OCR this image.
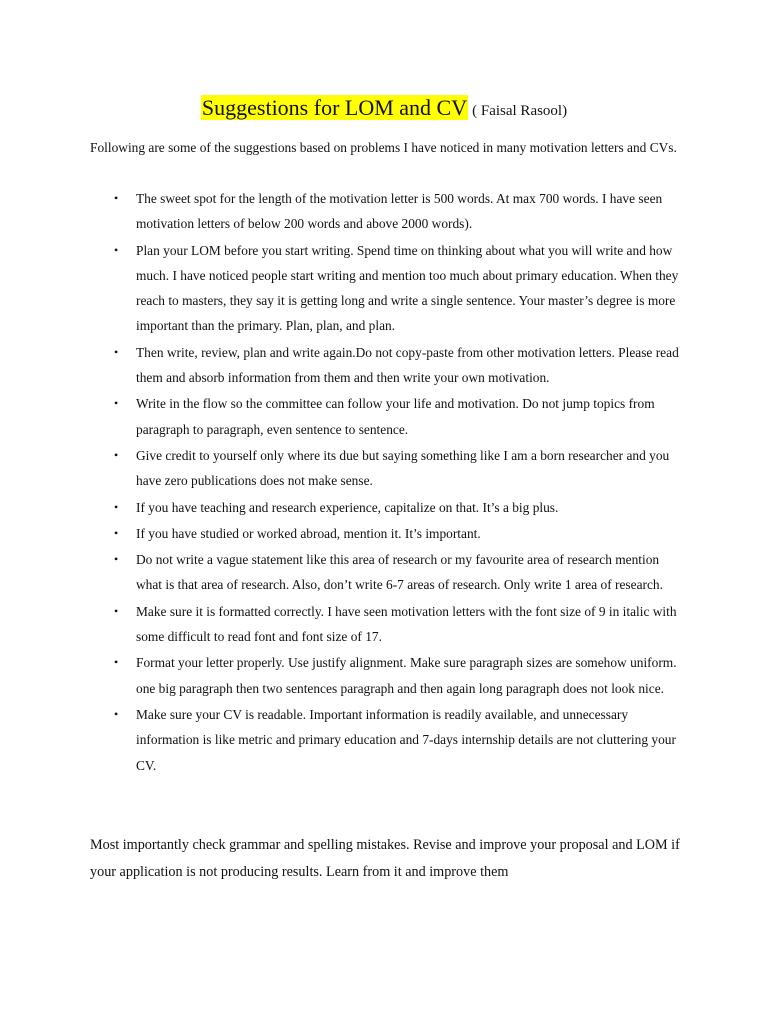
Suggestions for LOM and CV ( Faisal Rasool)

Following are some of the suggestions based on problems I have noticed in many motivation letters and CVs.

• The sweet spot for the length of the motivation letter is 500 words. At max 700 words. I have seen motivation letters of below 200 words and above 2000 words).
• Plan your LOM before you start writing. Spend time on thinking about what you will write and how much. I have noticed people start writing and mention too much about primary education. When they reach to masters, they say it is getting long and write a single sentence. Your master’s degree is more important than the primary. Plan, plan, and plan.
• Then write, review, plan and write again.Do not copy-paste from other motivation letters. Please read them and absorb information from them and then write your own motivation.
• Write in the flow so the committee can follow your life and motivation. Do not jump topics from paragraph to paragraph, even sentence to sentence.
• Give credit to yourself only where its due but saying something like I am a born researcher and you have zero publications does not make sense.
• If you have teaching and research experience, capitalize on that. It’s a big plus.
• If you have studied or worked abroad, mention it. It’s important.
• Do not write a vague statement like this area of research or my favourite area of research mention what is that area of research. Also, don’t write 6-7 areas of research. Only write 1 area of research.
• Make sure it is formatted correctly. I have seen motivation letters with the font size of 9 in italic with some difficult to read font and font size of 17.
• Format your letter properly. Use justify alignment. Make sure paragraph sizes are somehow uniform. one big paragraph then two sentences paragraph and then again long paragraph does not look nice.
• Make sure your CV is readable. Important information is readily available, and unnecessary information is like metric and primary education and 7-days internship details are not cluttering your CV.

Most importantly check grammar and spelling mistakes. Revise and improve your proposal and LOM if your application is not producing results. Learn from it and improve them
